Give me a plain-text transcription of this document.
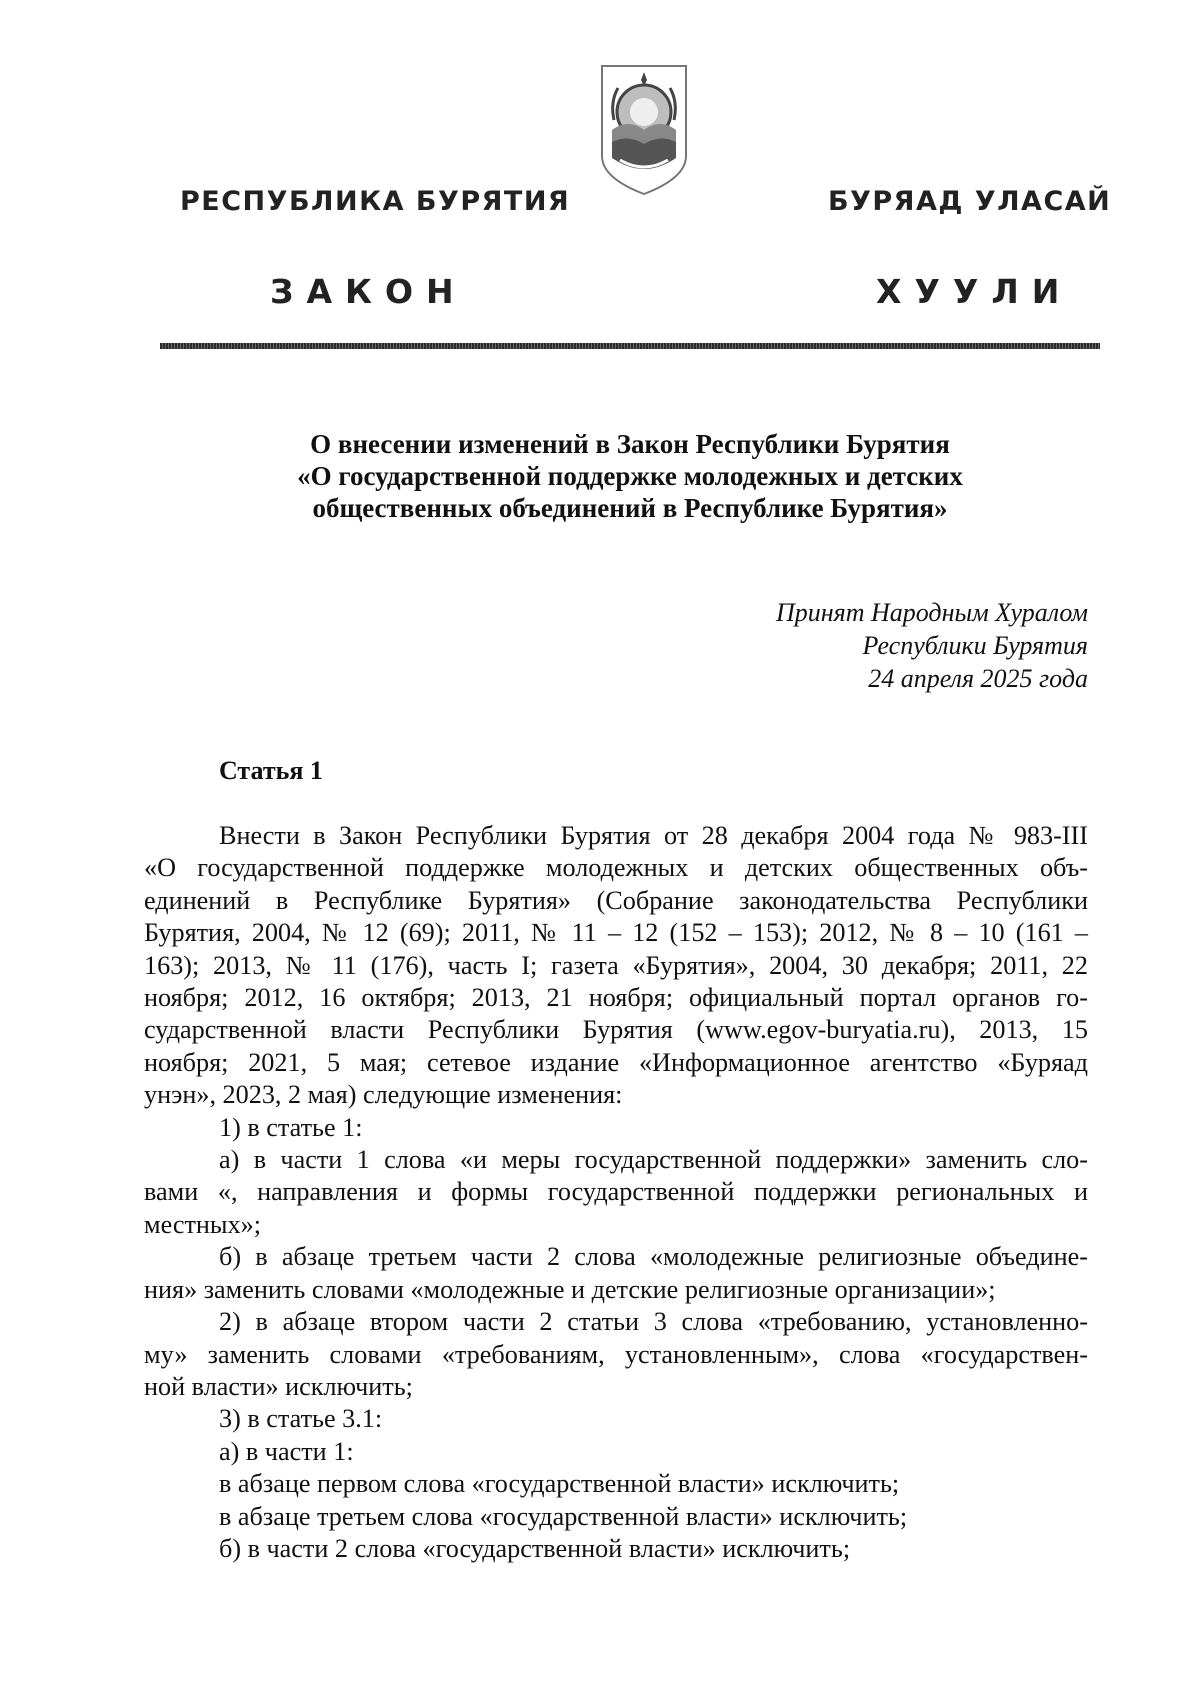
РЕСПУБЛИКА БУРЯТИЯ	БУРЯАД УЛАСАЙ
ЗАКОН	ХУУЛИ
О внесении изменений в Закон Республики Бурятия
«О государственной поддержке молодежных и детских
общественных объединений в Республике Бурятия»
Принят Народным Хуралом
Республики Бурятия
24 апреля 2025 года
Статья 1
Внести в Закон Республики Бурятия от 28 декабря 2004 года № 983-III
«О государственной поддержке молодежных и детских общественных объ-
единений в Республике Бурятия» (Собрание законодательства Республики
Бурятия, 2004, № 12 (69); 2011, № 11 – 12 (152 – 153); 2012, № 8 – 10 (161 –
163); 2013, № 11 (176), часть I; газета «Бурятия», 2004, 30 декабря; 2011, 22
ноября; 2012, 16 октября; 2013, 21 ноября; официальный портал органов го-
сударственной власти Республики Бурятия (www.egov-buryatia.ru), 2013, 15
ноября; 2021, 5 мая; сетевое издание «Информационное агентство «Буряад
унэн», 2023, 2 мая) следующие изменения:
1) в статье 1:
а) в части 1 слова «и меры государственной поддержки» заменить сло-
вами «, направления и формы государственной поддержки региональных и
местных»;
б) в абзаце третьем части 2 слова «молодежные религиозные объедине-
ния» заменить словами «молодежные и детские религиозные организации»;
2) в абзаце втором части 2 статьи 3 слова «требованию, установленно-
му» заменить словами «требованиям, установленным», слова «государствен-
ной власти» исключить;
3) в статье 3.1:
а) в части 1:
в абзаце первом слова «государственной власти» исключить;
в абзаце третьем слова «государственной власти» исключить;
б) в части 2 слова «государственной власти» исключить;
